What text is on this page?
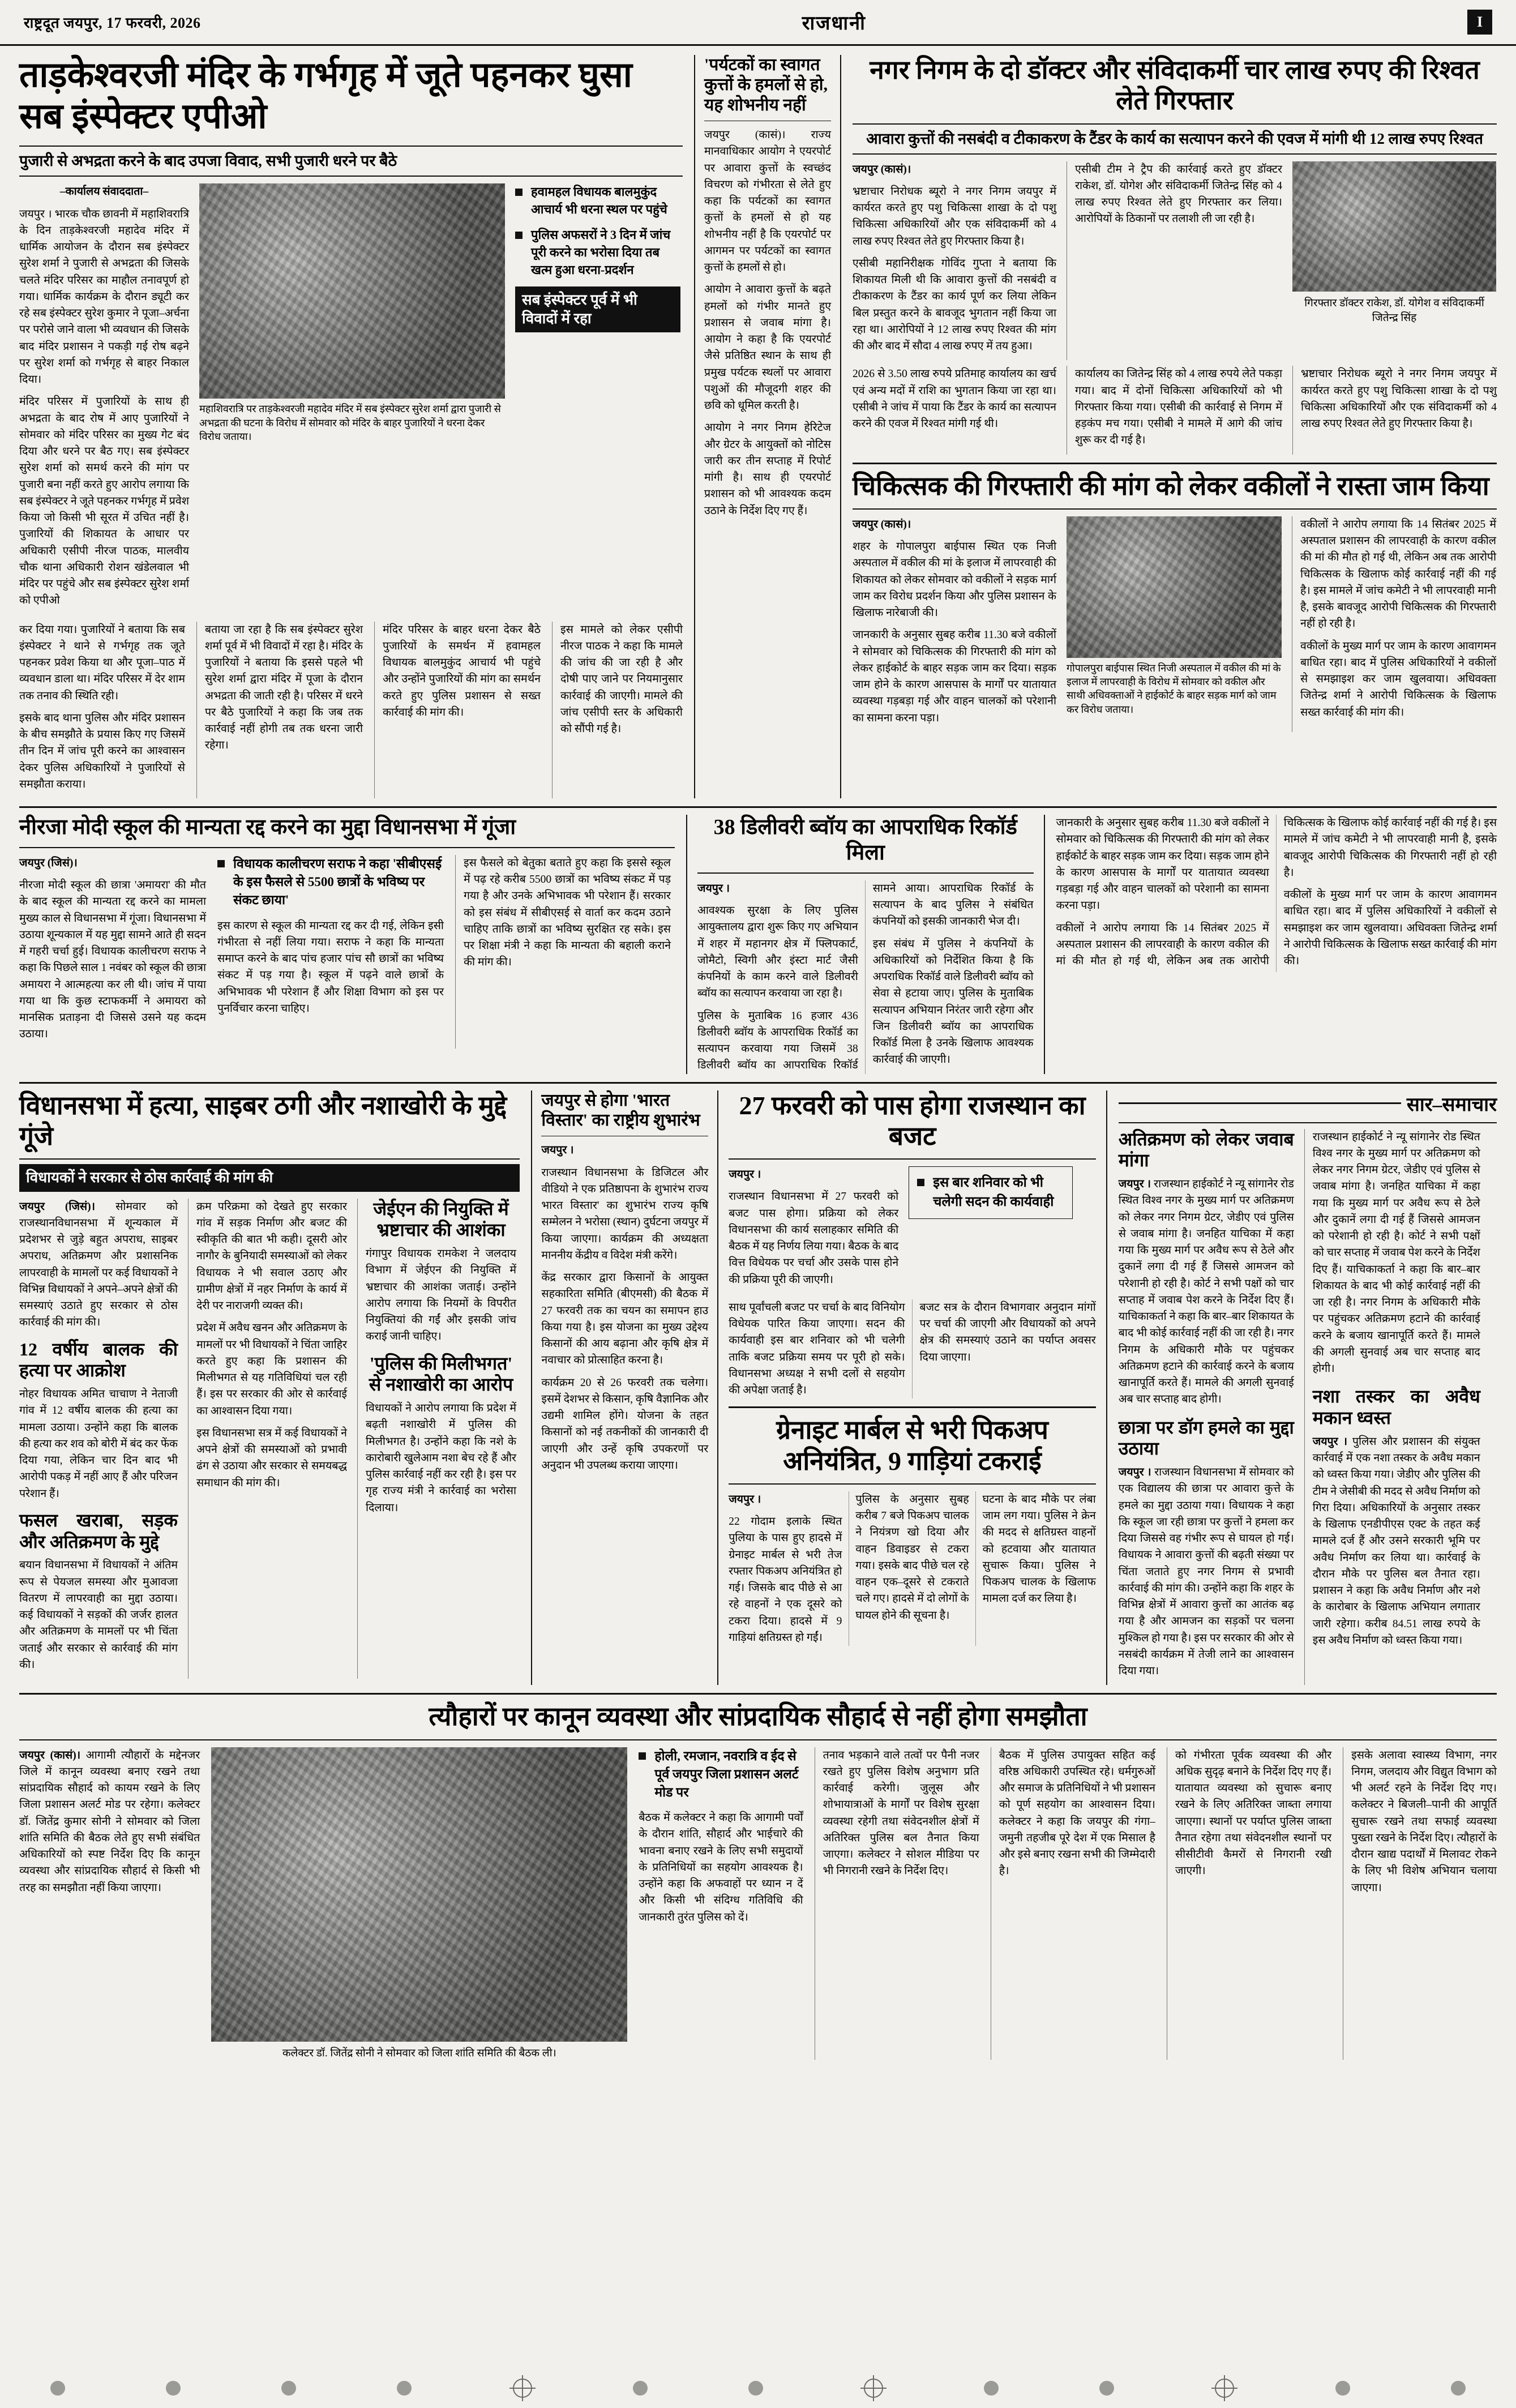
राष्ट्रदूत जयपुर, 17 फरवरी, 2026	राजधानी	I
ताड़केश्वरजी मंदिर के गर्भगृह में जूते पहनकर घुसा सब इंस्पेक्टर एपीओ
पुजारी से अभद्रता करने के बाद उपजा विवाद, सभी पुजारी धरने पर बैठे

–कार्यालय संवाददाता–

जयपुर । भारक चौक छावनी में महाशिवरात्रि के दिन ताड़केश्वरजी महादेव मंदिर में धार्मिक आयोजन के दौरान सब इंस्पेक्टर सुरेश शर्मा ने पुजारी से अभद्रता की जिसके चलते मंदिर परिसर का माहौल तनावपूर्ण हो गया। धार्मिक कार्यक्रम के दौरान ड्यूटी कर रहे सब इंस्पेक्टर सुरेश कुमार ने पूजा–अर्चना पर परोसे जाने वाला भी व्यवधान की जिसके बाद मंदिर प्रशासन ने पकड़ी गई रोष बढ़ने पर सुरेश शर्मा को गर्भगृह से बाहर निकाल दिया।

मंदिर परिसर में पुजारियों के साथ ही अभद्रता के बाद रोष में आए पुजारियों ने सोमवार को मंदिर परिसर का मुख्य गेट बंद दिया और धरने पर बैठ गए। सब इंस्पेक्टर सुरेश शर्मा को समर्थ करने की मांग पर पुजारी बना नहीं करते हुए आरोप लगाया कि सब इंस्पेक्टर ने जूते पहनकर गर्भगृह में प्रवेश किया जो किसी भी सूरत में उचित नहीं है। पुजारियों की शिकायत के आधार पर अधिकारी एसीपी नीरज पाठक, मालवीय चौक थाना अधिकारी रोशन खंडेलवाल भी मंदिर पर पहुंचे और सब इंस्पेक्टर सुरेश शर्मा को एपीओ

महाशिवरात्रि पर ताड़केश्वरजी महादेव मंदिर में सब इंस्पेक्टर सुरेश शर्मा द्वारा पुजारी से अभद्रता की घटना के विरोध में सोमवार को मंदिर के बाहर पुजारियों ने धरना देकर विरोध जताया।
हवामहल विधायक बालमुकुंद आचार्य भी धरना स्थल पर पहुंचे
पुलिस अफसरों ने 3 दिन में जांच पूरी करने का भरोसा दिया तब खत्म हुआ धरना-प्रदर्शन
सब इंस्पेक्टर पूर्व में भी विवादों में रहा

कर दिया गया। पुजारियों ने बताया कि सब इंस्पेक्टर ने थाने से गर्भगृह तक जूते पहनकर प्रवेश किया था और पूजा–पाठ में व्यवधान डाला था। मंदिर परिसर में देर शाम तक तनाव की स्थिति रही।

इसके बाद थाना पुलिस और मंदिर प्रशासन के बीच समझौते के प्रयास किए गए जिसमें तीन दिन में जांच पूरी करने का आश्वासन देकर पुलिस अधिकारियों ने पुजारियों से समझौता कराया।

बताया जा रहा है कि सब इंस्पेक्टर सुरेश शर्मा पूर्व में भी विवादों में रहा है। मंदिर के पुजारियों ने बताया कि इससे पहले भी सुरेश शर्मा द्वारा मंदिर में पूजा के दौरान अभद्रता की जाती रही है। परिसर में धरने पर बैठे पुजारियों ने कहा कि जब तक कार्रवाई नहीं होगी तब तक धरना जारी रहेगा।

मंदिर परिसर के बाहर धरना देकर बैठे पुजारियों के समर्थन में हवामहल विधायक बालमुकुंद आचार्य भी पहुंचे और उन्होंने पुजारियों की मांग का समर्थन करते हुए पुलिस प्रशासन से सख्त कार्रवाई की मांग की।

इस मामले को लेकर एसीपी नीरज पाठक ने कहा कि मामले की जांच की जा रही है और दोषी पाए जाने पर नियमानुसार कार्रवाई की जाएगी। मामले की जांच एसीपी स्तर के अधिकारी को सौंपी गई है।

'पर्यटकों का स्वागत कुत्तों के हमलों से हो, यह शोभनीय नहीं

जयपुर (कासं)। राज्य मानवाधिकार आयोग ने एयरपोर्ट पर आवारा कुत्तों के स्वच्छंद विचरण को गंभीरता से लेते हुए कहा कि पर्यटकों का स्वागत कुत्तों के हमलों से हो यह शोभनीय नहीं है कि एयरपोर्ट पर आगमन पर पर्यटकों का स्वागत कुत्तों के हमलों से हो।

आयोग ने आवारा कुत्तों के बढ़ते हमलों को गंभीर मानते हुए प्रशासन से जवाब मांगा है। आयोग ने कहा है कि एयरपोर्ट जैसे प्रतिष्ठित स्थान के साथ ही प्रमुख पर्यटक स्थलों पर आवारा पशुओं की मौजूदगी शहर की छवि को धूमिल करती है।

आयोग ने नगर निगम हेरिटेज और ग्रेटर के आयुक्तों को नोटिस जारी कर तीन सप्ताह में रिपोर्ट मांगी है। साथ ही एयरपोर्ट प्रशासन को भी आवश्यक कदम उठाने के निर्देश दिए गए हैं।

नगर निगम के दो डॉक्टर और संविदाकर्मी चार लाख रुपए की रिश्वत लेते गिरफ्तार
आवारा कुत्तों की नसबंदी व टीकाकरण के टैंडर के कार्य का सत्यापन करने की एवज में मांगी थी 12 लाख रुपए रिश्वत

जयपुर (कासं)।

भ्रष्टाचार निरोधक ब्यूरो ने नगर निगम जयपुर में कार्यरत करते हुए पशु चिकित्सा शाखा के दो पशु चिकित्सा अधिकारियों और एक संविदाकर्मी को 4 लाख रुपए रिश्वत लेते हुए गिरफ्तार किया है।

एसीबी महानिरीक्षक गोविंद गुप्ता ने बताया कि शिकायत मिली थी कि आवारा कुत्तों की नसबंदी व टीकाकरण के टैंडर का कार्य पूर्ण कर लिया लेकिन बिल प्रस्तुत करने के बावजूद भुगतान नहीं किया जा रहा था। आरोपियों ने 12 लाख रुपए रिश्वत की मांग की और बाद में सौदा 4 लाख रुपए में तय हुआ।

एसीबी टीम ने ट्रैप की कार्रवाई करते हुए डॉक्टर राकेश, डॉ. योगेश और संविदाकर्मी जितेन्द्र सिंह को 4 लाख रुपए रिश्वत लेते हुए गिरफ्तार कर लिया। आरोपियों के ठिकानों पर तलाशी ली जा रही है।

गिरफ्तार डॉक्टर राकेश, डॉ. योगेश व संविदाकर्मी जितेन्द्र सिंह

2026 से 3.50 लाख रुपये प्रतिमाह कार्यालय का खर्च एवं अन्य मदों में राशि का भुगतान किया जा रहा था। एसीबी ने जांच में पाया कि टैंडर के कार्य का सत्यापन करने की एवज में रिश्वत मांगी गई थी।

कार्यालय का जितेन्द्र सिंह को 4 लाख रुपये लेते पकड़ा गया। बाद में दोनों चिकित्सा अधिकारियों को भी गिरफ्तार किया गया। एसीबी की कार्रवाई से निगम में हड़कंप मच गया। एसीबी ने मामले में आगे की जांच शुरू कर दी गई है।

भ्रष्टाचार निरोधक ब्यूरो ने नगर निगम जयपुर में कार्यरत करते हुए पशु चिकित्सा शाखा के दो पशु चिकित्सा अधिकारियों और एक संविदाकर्मी को 4 लाख रुपए रिश्वत लेते हुए गिरफ्तार किया है।

चिकित्सक की गिरफ्तारी की मांग को लेकर वकीलों ने रास्ता जाम किया

जयपुर (कासं)।

शहर के गोपालपुरा बाईपास स्थित एक निजी अस्पताल में वकील की मां के इलाज में लापरवाही की शिकायत को लेकर सोमवार को वकीलों ने सड़क मार्ग जाम कर विरोध प्रदर्शन किया और पुलिस प्रशासन के खिलाफ नारेबाजी की।

जानकारी के अनुसार सुबह करीब 11.30 बजे वकीलों ने सोमवार को चिकित्सक की गिरफ्तारी की मांग को लेकर हाईकोर्ट के बाहर सड़क जाम कर दिया। सड़क जाम होने के कारण आसपास के मार्गों पर यातायात व्यवस्था गड़बड़ा गई और वाहन चालकों को परेशानी का सामना करना पड़ा।

गोपालपुरा बाईपास स्थित निजी अस्पताल में वकील की मां के इलाज में लापरवाही के विरोध में सोमवार को वकील और साथी अधिवक्ताओं ने हाईकोर्ट के बाहर सड़क मार्ग को जाम कर विरोध जताया।

वकीलों ने आरोप लगाया कि 14 सितंबर 2025 में अस्पताल प्रशासन की लापरवाही के कारण वकील की मां की मौत हो गई थी, लेकिन अब तक आरोपी चिकित्सक के खिलाफ कोई कार्रवाई नहीं की गई है। इस मामले में जांच कमेटी ने भी लापरवाही मानी है, इसके बावजूद आरोपी चिकित्सक की गिरफ्तारी नहीं हो रही है।

वकीलों के मुख्य मार्ग पर जाम के कारण आवागमन बाधित रहा। बाद में पुलिस अधिकारियों ने वकीलों से समझाइश कर जाम खुलवाया। अधिवक्ता जितेन्द्र शर्मा ने आरोपी चिकित्सक के खिलाफ सख्त कार्रवाई की मांग की।

नीरजा मोदी स्कूल की मान्यता रद्द करने का मुद्दा विधानसभा में गूंजा

जयपुर (जिसं)।

नीरजा मोदी स्कूल की छात्रा 'अमायरा' की मौत के बाद स्कूल की मान्यता रद्द करने का मामला मुख्य काल से विधानसभा में गूंजा। विधानसभा में उठाया शून्यकाल में यह मुद्दा सामने आते ही सदन में गहरी चर्चा हुई। विधायक कालीचरण सराफ ने कहा कि पिछले साल 1 नवंबर को स्कूल की छात्रा अमायरा ने आत्महत्या कर ली थी। जांच में पाया गया था कि कुछ स्टाफकर्मी ने अमायरा को मानसिक प्रताड़ना दी जिससे उसने यह कदम उठाया।

विधायक कालीचरण सराफ ने कहा 'सीबीएसई के इस फैसले से 5500 छात्रों के भविष्य पर संकट छाया'

इस कारण से स्कूल की मान्यता रद्द कर दी गई, लेकिन इसी गंभीरता से नहीं लिया गया। सराफ ने कहा कि मान्यता समाप्त करने के बाद पांच हजार पांच सौ छात्रों का भविष्य संकट में पड़ गया है। स्कूल में पढ़ने वाले छात्रों के अभिभावक भी परेशान हैं और शिक्षा विभाग को इस पर पुनर्विचार करना चाहिए।

इस फैसले को बेतुका बताते हुए कहा कि इससे स्कूल में पढ़ रहे करीब 5500 छात्रों का भविष्य संकट में पड़ गया है और उनके अभिभावक भी परेशान हैं। सरकार को इस संबंध में सीबीएसई से वार्ता कर कदम उठाने चाहिए ताकि छात्रों का भविष्य सुरक्षित रह सके। इस पर शिक्षा मंत्री ने कहा कि मान्यता की बहाली कराने की मांग की।

38 डिलीवरी ब्वॉय का आपराधिक रिकॉर्ड मिला

जयपुर ।

आवश्यक सुरक्षा के लिए पुलिस आयुक्तालय द्वारा शुरू किए गए अभियान में शहर में महानगर क्षेत्र में फ्लिपकार्ट, जोमैटो, स्विगी और इंस्टा मार्ट जैसी कंपनियों के काम करने वाले डिलीवरी ब्वॉय का सत्यापन करवाया जा रहा है।

पुलिस के मुताबिक 16 हजार 436 डिलीवरी ब्वॉय के आपराधिक रिकॉर्ड का सत्यापन करवाया गया जिसमें 38 डिलीवरी ब्वॉय का आपराधिक रिकॉर्ड सामने आया। आपराधिक रिकॉर्ड के सत्यापन के बाद पुलिस ने संबंधित कंपनियों को इसकी जानकारी भेज दी।

इस संबंध में पुलिस ने कंपनियों के अधिकारियों को निर्देशित किया है कि अपराधिक रिकॉर्ड वाले डिलीवरी ब्वॉय को सेवा से हटाया जाए। पुलिस के मुताबिक सत्यापन अभियान निरंतर जारी रहेगा और जिन डिलीवरी ब्वॉय का आपराधिक रिकॉर्ड मिला है उनके खिलाफ आवश्यक कार्रवाई की जाएगी।

जानकारी के अनुसार सुबह करीब 11.30 बजे वकीलों ने सोमवार को चिकित्सक की गिरफ्तारी की मांग को लेकर हाईकोर्ट के बाहर सड़क जाम कर दिया। सड़क जाम होने के कारण आसपास के मार्गों पर यातायात व्यवस्था गड़बड़ा गई और वाहन चालकों को परेशानी का सामना करना पड़ा।

वकीलों ने आरोप लगाया कि 14 सितंबर 2025 में अस्पताल प्रशासन की लापरवाही के कारण वकील की मां की मौत हो गई थी, लेकिन अब तक आरोपी चिकित्सक के खिलाफ कोई कार्रवाई नहीं की गई है। इस मामले में जांच कमेटी ने भी लापरवाही मानी है, इसके बावजूद आरोपी चिकित्सक की गिरफ्तारी नहीं हो रही है।

वकीलों के मुख्य मार्ग पर जाम के कारण आवागमन बाधित रहा। बाद में पुलिस अधिकारियों ने वकीलों से समझाइश कर जाम खुलवाया। अधिवक्ता जितेन्द्र शर्मा ने आरोपी चिकित्सक के खिलाफ सख्त कार्रवाई की मांग की।

विधानसभा में हत्या, साइबर ठगी और नशाखोरी के मुद्दे गूंजे
विधायकों ने सरकार से ठोस कार्रवाई की मांग की

जयपुर (जिसं)। सोमवार को राजस्थानविधानसभा में शून्यकाल में प्रदेशभर से जुड़े बहुत अपराध, साइबर अपराध, अतिक्रमण और प्रशासनिक लापरवाही के मामलों पर कई विधायकों ने विभिन्न विधायकों ने अपने–अपने क्षेत्रों की समस्याएं उठाते हुए सरकार से ठोस कार्रवाई की मांग की।

12 वर्षीय बालक की हत्या पर आक्रोश

नोहर विधायक अमित चाचाण ने नेताजी गांव में 12 वर्षीय बालक की हत्या का मामला उठाया। उन्होंने कहा कि बालक की हत्या कर शव को बोरी में बंद कर फेंक दिया गया, लेकिन चार दिन बाद भी आरोपी पकड़ में नहीं आए हैं और परिजन परेशान हैं।

फसल खराबा, सड़क और अतिक्रमण के मुद्दे

बयान विधानसभा में विधायकों ने अंतिम रूप से पेयजल समस्या और मुआवजा वितरण में लापरवाही का मुद्दा उठाया। कई विधायकों ने सड़कों की जर्जर हालत और अतिक्रमण के मामलों पर भी चिंता जताई और सरकार से कार्रवाई की मांग की।

क्रम परिक्रमा को देखते हुए सरकार गांव में सड़क निर्माण और बजट की स्वीकृति की बात भी कही। दूसरी ओर नागौर के बुनियादी समस्याओं को लेकर विधायक ने भी सवाल उठाए और ग्रामीण क्षेत्रों में नहर निर्माण के कार्य में देरी पर नाराजगी व्यक्त की।

प्रदेश में अवैध खनन और अतिक्रमण के मामलों पर भी विधायकों ने चिंता जाहिर करते हुए कहा कि प्रशासन की मिलीभगत से यह गतिविधियां चल रही हैं। इस पर सरकार की ओर से कार्रवाई का आश्वासन दिया गया।

इस विधानसभा सत्र में कई विधायकों ने अपने क्षेत्रों की समस्याओं को प्रभावी ढंग से उठाया और सरकार से समयबद्ध समाधान की मांग की।

जेईएन की नियुक्ति में भ्रष्टाचार की आशंका

गंगापुर विधायक रामकेश ने जलदाय विभाग में जेईएन की नियुक्ति में भ्रष्टाचार की आशंका जताई। उन्होंने आरोप लगाया कि नियमों के विपरीत नियुक्तियां की गईं और इसकी जांच कराई जानी चाहिए।

'पुलिस की मिलीभगत' से नशाखोरी का आरोप

विधायकों ने आरोप लगाया कि प्रदेश में बढ़ती नशाखोरी में पुलिस की मिलीभगत है। उन्होंने कहा कि नशे के कारोबारी खुलेआम नशा बेच रहे हैं और पुलिस कार्रवाई नहीं कर रही है। इस पर गृह राज्य मंत्री ने कार्रवाई का भरोसा दिलाया।

जयपुर से होगा 'भारत विस्तार' का राष्ट्रीय शुभारंभ

जयपुर ।

राजस्थान विधानसभा के डिजिटल और वीडियो ने एक प्रतिष्ठापना के शुभारंभ राज्य भारत विस्तार' का शुभारंभ राज्य कृषि सम्मेलन ने भरोसा (स्थान) दुर्घटना जयपुर में किया जाएगा। कार्यक्रम की अध्यक्षता माननीय केंद्रीय व विदेश मंत्री करेंगे।

केंद्र सरकार द्वारा किसानों के आयुक्त सहकारिता समिति (बीएमसी) की बैठक में 27 फरवरी तक का चयन का समापन हाउ किया गया है। इस योजना का मुख्य उद्देश्य किसानों की आय बढ़ाना और कृषि क्षेत्र में नवाचार को प्रोत्साहित करना है।

कार्यक्रम 20 से 26 फरवरी तक चलेगा। इसमें देशभर से किसान, कृषि वैज्ञानिक और उद्यमी शामिल होंगे। योजना के तहत किसानों को नई तकनीकों की जानकारी दी जाएगी और उन्हें कृषि उपकरणों पर अनुदान भी उपलब्ध कराया जाएगा।

27 फरवरी को पास होगा राजस्थान का बजट

जयपुर ।

राजस्थान विधानसभा में 27 फरवरी को बजट पास होगा। प्रक्रिया को लेकर विधानसभा की कार्य सलाहकार समिति की बैठक में यह निर्णय लिया गया। बैठक के बाद वित्त विधेयक पर चर्चा और उसके पास होने की प्रक्रिया पूरी की जाएगी।

इस बार शनिवार को भी चलेगी सदन की कार्यवाही

साथ पूर्वांचली बजट पर चर्चा के बाद विनियोग विधेयक पारित किया जाएगा। सदन की कार्यवाही इस बार शनिवार को भी चलेगी ताकि बजट प्रक्रिया समय पर पूरी हो सके। विधानसभा अध्यक्ष ने सभी दलों से सहयोग की अपेक्षा जताई है।

बजट सत्र के दौरान विभागवार अनुदान मांगों पर चर्चा की जाएगी और विधायकों को अपने क्षेत्र की समस्याएं उठाने का पर्याप्त अवसर दिया जाएगा।

ग्रेनाइट मार्बल से भरी पिकअप अनियंत्रित, 9 गाड़ियां टकराई

जयपुर ।

22 गोदाम इलाके स्थित पुलिया के पास हुए हादसे में ग्रेनाइट मार्बल से भरी तेज रफ्तार पिकअप अनियंत्रित हो गई। जिसके बाद पीछे से आ रहे वाहनों ने एक दूसरे को टकरा दिया। हादसे में 9 गाड़ियां क्षतिग्रस्त हो गईं।

पुलिस के अनुसार सुबह करीब 7 बजे पिकअप चालक ने नियंत्रण खो दिया और वाहन डिवाइडर से टकरा गया। इसके बाद पीछे चल रहे वाहन एक–दूसरे से टकराते चले गए। हादसे में दो लोगों के घायल होने की सूचना है।

घटना के बाद मौके पर लंबा जाम लग गया। पुलिस ने क्रेन की मदद से क्षतिग्रस्त वाहनों को हटवाया और यातायात सुचारू किया। पुलिस ने पिकअप चालक के खिलाफ मामला दर्ज कर लिया है।

सार–समाचार
अतिक्रमण को लेकर जवाब मांगा

जयपुर । राजस्थान हाईकोर्ट ने न्यू सांगानेर रोड स्थित विश्व नगर के मुख्य मार्ग पर अतिक्रमण को लेकर नगर निगम ग्रेटर, जेडीए एवं पुलिस से जवाब मांगा है। जनहित याचिका में कहा गया कि मुख्य मार्ग पर अवैध रूप से ठेले और दुकानें लगा दी गई हैं जिससे आमजन को परेशानी हो रही है। कोर्ट ने सभी पक्षों को चार सप्ताह में जवाब पेश करने के निर्देश दिए हैं। याचिकाकर्ता ने कहा कि बार–बार शिकायत के बाद भी कोई कार्रवाई नहीं की जा रही है। नगर निगम के अधिकारी मौके पर पहुंचकर अतिक्रमण हटाने की कार्रवाई करने के बजाय खानापूर्ति करते हैं। मामले की अगली सुनवाई अब चार सप्ताह बाद होगी।

छात्रा पर डॉग हमले का मुद्दा उठाया

जयपुर । राजस्थान विधानसभा में सोमवार को एक विद्यालय की छात्रा पर आवारा कुत्ते के हमले का मुद्दा उठाया गया। विधायक ने कहा कि स्कूल जा रही छात्रा पर कुत्तों ने हमला कर दिया जिससे वह गंभीर रूप से घायल हो गई। विधायक ने आवारा कुत्तों की बढ़ती संख्या पर चिंता जताते हुए नगर निगम से प्रभावी कार्रवाई की मांग की। उन्होंने कहा कि शहर के विभिन्न क्षेत्रों में आवारा कुत्तों का आतंक बढ़ गया है और आमजन का सड़कों पर चलना मुश्किल हो गया है। इस पर सरकार की ओर से नसबंदी कार्यक्रम में तेजी लाने का आश्वासन दिया गया।

राजस्थान हाईकोर्ट ने न्यू सांगानेर रोड स्थित विश्व नगर के मुख्य मार्ग पर अतिक्रमण को लेकर नगर निगम ग्रेटर, जेडीए एवं पुलिस से जवाब मांगा है। जनहित याचिका में कहा गया कि मुख्य मार्ग पर अवैध रूप से ठेले और दुकानें लगा दी गई हैं जिससे आमजन को परेशानी हो रही है। कोर्ट ने सभी पक्षों को चार सप्ताह में जवाब पेश करने के निर्देश दिए हैं। याचिकाकर्ता ने कहा कि बार–बार शिकायत के बाद भी कोई कार्रवाई नहीं की जा रही है। नगर निगम के अधिकारी मौके पर पहुंचकर अतिक्रमण हटाने की कार्रवाई करने के बजाय खानापूर्ति करते हैं। मामले की अगली सुनवाई अब चार सप्ताह बाद होगी।

नशा तस्कर का अवैध मकान ध्वस्त

जयपुर । पुलिस और प्रशासन की संयुक्त कार्रवाई में एक नशा तस्कर के अवैध मकान को ध्वस्त किया गया। जेडीए और पुलिस की टीम ने जेसीबी की मदद से अवैध निर्माण को गिरा दिया। अधिकारियों के अनुसार तस्कर के खिलाफ एनडीपीएस एक्ट के तहत कई मामले दर्ज हैं और उसने सरकारी भूमि पर अवैध निर्माण कर लिया था। कार्रवाई के दौरान मौके पर पुलिस बल तैनात रहा। प्रशासन ने कहा कि अवैध निर्माण और नशे के कारोबार के खिलाफ अभियान लगातार जारी रहेगा। करीब 84.51 लाख रुपये के इस अवैध निर्माण को ध्वस्त किया गया।

त्यौहारों पर कानून व्यवस्था और सांप्रदायिक सौहार्द से नहीं होगा समझौता

जयपुर (कासं)। आगामी त्यौहारों के मद्देनजर जिले में कानून व्यवस्था बनाए रखने तथा सांप्रदायिक सौहार्द को कायम रखने के लिए जिला प्रशासन अलर्ट मोड पर रहेगा। कलेक्टर डॉ. जितेंद्र कुमार सोनी ने सोमवार को जिला शांति समिति की बैठक लेते हुए सभी संबंधित अधिकारियों को स्पष्ट निर्देश दिए कि कानून व्यवस्था और सांप्रदायिक सौहार्द से किसी भी तरह का समझौता नहीं किया जाएगा।

कलेक्टर डॉ. जितेंद्र सोनी ने सोमवार को जिला शांति समिति की बैठक ली।
होली, रमजान, नवरात्रि व ईद से पूर्व जयपुर जिला प्रशासन अलर्ट मोड पर

बैठक में कलेक्टर ने कहा कि आगामी पर्वों के दौरान शांति, सौहार्द और भाईचारे की भावना बनाए रखने के लिए सभी समुदायों के प्रतिनिधियों का सहयोग आवश्यक है। उन्होंने कहा कि अफवाहों पर ध्यान न दें और किसी भी संदिग्ध गतिविधि की जानकारी तुरंत पुलिस को दें।

तनाव भड़काने वाले तत्वों पर पैनी नजर रखते हुए पुलिस विशेष अनुभाग प्रति कार्रवाई करेगी। जुलूस और शोभायात्राओं के मार्गों पर विशेष सुरक्षा व्यवस्था रहेगी तथा संवेदनशील क्षेत्रों में अतिरिक्त पुलिस बल तैनात किया जाएगा। कलेक्टर ने सोशल मीडिया पर भी निगरानी रखने के निर्देश दिए।

बैठक में पुलिस उपायुक्त सहित कई वरिष्ठ अधिकारी उपस्थित रहे। धर्मगुरुओं और समाज के प्रतिनिधियों ने भी प्रशासन को पूर्ण सहयोग का आश्वासन दिया। कलेक्टर ने कहा कि जयपुर की गंगा–जमुनी तहजीब पूरे देश में एक मिसाल है और इसे बनाए रखना सभी की जिम्मेदारी है।

को गंभीरता पूर्वक व्यवस्था की और अधिक सुदृढ़ बनाने के निर्देश दिए गए हैं। यातायात व्यवस्था को सुचारू बनाए रखने के लिए अतिरिक्त जाब्ता लगाया जाएगा। स्थानों पर पर्याप्त पुलिस जाब्ता तैनात रहेगा तथा संवेदनशील स्थानों पर सीसीटीवी कैमरों से निगरानी रखी जाएगी।

इसके अलावा स्वास्थ्य विभाग, नगर निगम, जलदाय और विद्युत विभाग को भी अलर्ट रहने के निर्देश दिए गए। कलेक्टर ने बिजली–पानी की आपूर्ति सुचारू रखने तथा सफाई व्यवस्था पुख्ता रखने के निर्देश दिए। त्यौहारों के दौरान खाद्य पदार्थों में मिलावट रोकने के लिए भी विशेष अभियान चलाया जाएगा।
